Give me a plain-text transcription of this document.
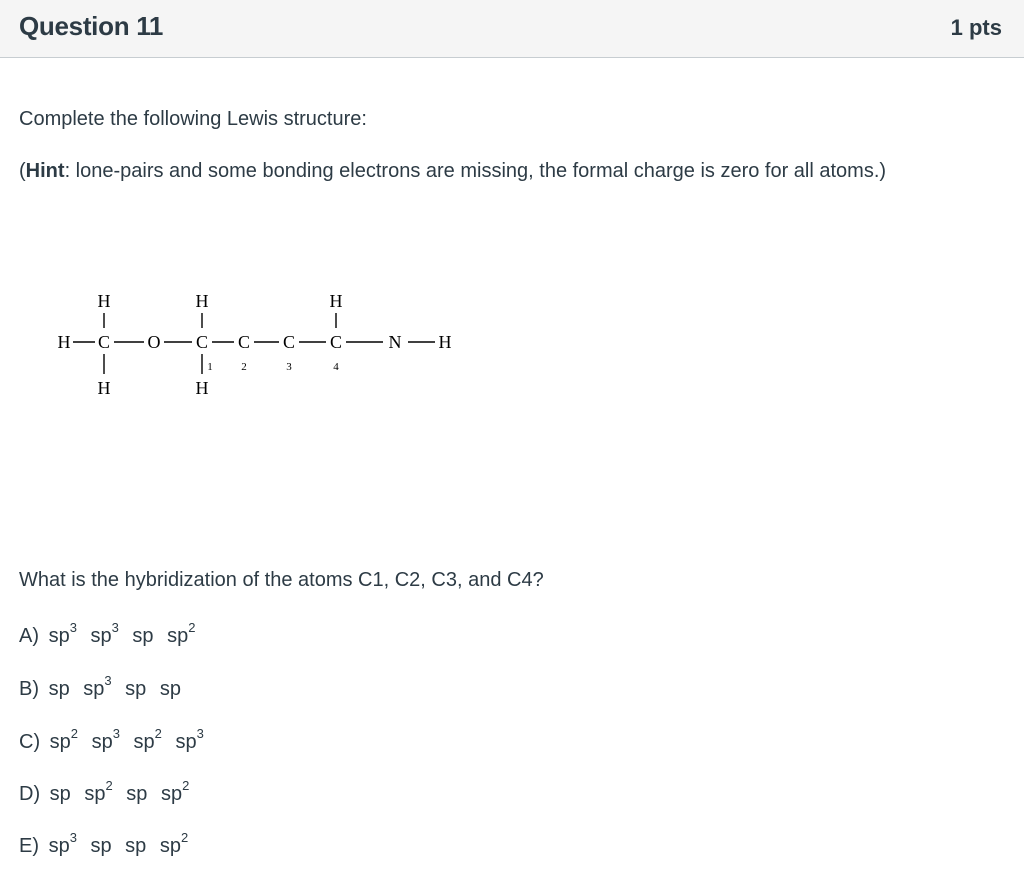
Question 11	1 pts
Complete the following Lewis structure:
(Hint: lone-pairs and some bonding electrons are missing, the formal charge is zero for all atoms.)
H	H	H
H C O C C C C	N H
1	2	3	4
H	H
What is the hybridization of the atoms C1, C2, C3, and C4?
A) $sp^3$ $sp^3$ sp $sp^2$
B) sp $sp^3$ sp sp
C) $sp^2$ $sp^3$ $sp^2$ $sp^3$
D) sp $sp^2$ sp $sp^2$
E) $sp^3$ sp sp $sp^2$
